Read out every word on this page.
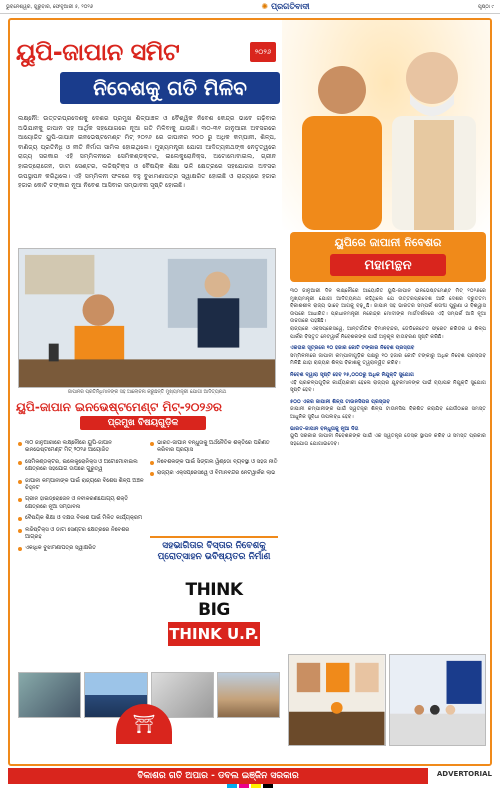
ଭୁବନେଶ୍ୱର, ଗୁରୁବାର, ଫେବୃଆରୀ ୫, ୨୦୨୬	✺ ପ୍ରଗତିବାଦୀ	ପୃଷ୍ଠା ୯
ୟୁପି-ଜାପାନ ସମିଟ	୨୦୨୬
ନିବେଶକୁ ଗତି ମିଳିବ

ଲକ୍ଷ୍ନୌ: ଉତ୍ତରପ୍ରଦେଶକୁ ଦେଶର ପ୍ରମୁଖ ଶିଳ୍ପାଞ୍ଚଳ ଓ ବୈଶ୍ୱିକ ନିବେଶ କେନ୍ଦ୍ର ଭାବେ ଗଢ଼ିବାର ଅଭିଯାନକୁ ଜାପାନ ସହ ଆର୍ଥିକ ସହଯୋଗରେ ନୂଆ ଗତି ମିଳିବାକୁ ଯାଉଛି। ୩୦-୩୧ ଜାନୁଆରୀ ଅବସରରେ ଆୟୋଜିତ ୟୁପି-ଜାପାନ ଇନଭେଷ୍ଟମେଣ୍ଟ ମିଟ୍ ୨୦୨୬ ରେ ଜାପାନର ୨୦୦ ରୁ ଅଧିକ କମ୍ପାନୀ, ଶିଳ୍ପ, ବାଣିଜ୍ୟ ପ୍ରତିନିଧି ଓ ନୀତି ନିର୍ମାତା ସାମିଲ ହୋଇଥିଲେ। ମୁଖ୍ୟମନ୍ତ୍ରୀ ଯୋଗୀ ଆଦିତ୍ୟନାଥଙ୍କ ନେତୃତ୍ୱରେ ରାଜ୍ୟ ସରକାର ଏହି ସମ୍ମିଳନୀରେ ସେମିକଣ୍ଡକ୍ଟର, ଇଲେକ୍ଟ୍ରୋନିକ୍ସ, ଅଟୋମୋବାଇଲ, ଗ୍ରୀନ ହାଇଡ୍ରୋଜେନ, ଡାଟା ସେଣ୍ଟର, ଲଜିଷ୍ଟିକ୍ସ ଓ ବୈଷୟିକ ଶିକ୍ଷା ଭଳି କ୍ଷେତ୍ରରେ ସହଯୋଗର ଅବସର ଉପସ୍ଥାପନ କରିଥିଲେ। ଏହି ସମ୍ମିଳନୀ ଫଳରେ ବହୁ ବୁଝାମଣାପତ୍ର ସ୍ୱାକ୍ଷରିତ ହୋଇଛି ଓ ରାଜ୍ୟରେ ହଜାର ହଜାର କୋଟି ଟଙ୍କାର ନୂଆ ନିବେଶ ଆସିବାର ସମ୍ଭାବନା ସୃଷ୍ଟି ହୋଇଛି।

ଜାପାନର ପ୍ରତିନିଧିମାନଙ୍କ ସହ ଆଲୋଚନା କରୁଛନ୍ତି ମୁଖ୍ୟମନ୍ତ୍ରୀ ଯୋଗୀ ଆଦିତ୍ୟନାଥ
ୟୁପି-ଜାପାନ ଇନଭେଷ୍ଟମେଣ୍ଟ ମିଟ୍-୨୦୨୬ର
ପ୍ରମୁଖ ବିଷୟଗୁଡ଼ିକ
୩୦ ଜାନୁଆରୀରେ ଲକ୍ଷ୍ନୌରେ ୟୁପି-ଜାପାନ ଇନଭେଷ୍ଟମେଣ୍ଟ ମିଟ୍ ୨୦୨୬ ଆୟୋଜିତ
ସେମିକଣ୍ଡକ୍ଟର, ଇଲେକ୍ଟ୍ରୋନିକ୍ସ ଓ ଅଟୋମୋବାଇଲ କ୍ଷେତ୍ରରେ ସହଯୋଗ ଉପରେ ଗୁରୁତ୍ୱ
ଜାପାନୀ କମ୍ପାନୀଙ୍କ ପାଇଁ ରାଜ୍ୟରେ ବିଶେଷ ଶିଳ୍ପ ଅଞ୍ଚଳ ଚିହ୍ନଟ
ଗ୍ରୀନ ହାଇଡ୍ରୋଜେନ ଓ ନବୀକରଣଯୋଗ୍ୟ ଶକ୍ତି କ୍ଷେତ୍ରରେ ନୂଆ ସମ୍ଭାବନା
ବୈଷୟିକ ଶିକ୍ଷା ଓ ଦକ୍ଷତା ବିକାଶ ପାଇଁ ମିଳିତ କାର୍ଯ୍ୟକ୍ରମ
ଲଜିଷ୍ଟିକ୍ସ ଓ ଡାଟା ସେଣ୍ଟର କ୍ଷେତ୍ରରେ ନିବେଶର ଆଗ୍ରହ
ଏକାଧିକ ବୁଝାମଣାପତ୍ର ସ୍ୱାକ୍ଷରିତ
ଭାରତ-ଜାପାନ ବନ୍ଧୁତାକୁ ଅର୍ଥନୈତିକ ଶକ୍ତିରେ ପରିଣତ କରିବାର ପ୍ରୟାସ
ନିବେଶକଙ୍କ ପାଇଁ ସିଙ୍ଗଲ ୱିଣ୍ଡୋ ବ୍ୟବସ୍ଥା ଓ ସହଜ ନୀତି
ରାଜ୍ୟର ଏକ୍ସପ୍ରେସୱେ ଓ ବିମାନବନ୍ଦର ନେଟୱାର୍କର ଲାଭ
ସହଭାଗିତାର ବିସ୍ତାର ନିବେଶକୁ ପ୍ରୋତ୍ସାହନ ଭବିଷ୍ୟତର ନିର୍ମାଣ
THINK BIG
THINK U.P.
⛩
ୟୁପିରେ ଜାପାନୀ ନିବେଶର
ମହାମନ୍ଥନ
୩୦ ଜାନୁଆରୀ ଦିନ ଲକ୍ଷ୍ନୌରେ ଆୟୋଜିତ ୟୁପି-ଜାପାନ ଇନଭେଷ୍ଟମେଣ୍ଟ ମିଟ୍ ୨୦୨୬ରେ ମୁଖ୍ୟମନ୍ତ୍ରୀ ଯୋଗୀ ଆଦିତ୍ୟନାଥ କହିଥିଲେ ଯେ ଉତ୍ତରପ୍ରଦେଶ ଆଜି ଦେଶର ଦ୍ରୁତତମ ବିକାଶଶୀଳ ରାଜ୍ୟ ଭାବେ ଆଗକୁ ବଢ଼ୁଛି। ଜାପାନ ସହ ଭାରତର ସମ୍ପର୍କ ଶତାବ୍ଦୀ ପୁରୁଣା ଓ ବିଶ୍ୱାସ ଉପରେ ଆଧାରିତ। ପ୍ରଧାନମନ୍ତ୍ରୀ ନରେନ୍ଦ୍ର ମୋଦୀଙ୍କ ମାର୍ଗଦର୍ଶନରେ ଏହି ସମ୍ପର୍କ ଆଜି ନୂଆ ଉଚ୍ଚତାରେ ପହଞ୍ଚିଛି।
ରାଜ୍ୟରେ ଏକ୍ସପ୍ରେସୱେ, ଆନ୍ତର୍ଜାତିକ ବିମାନବନ୍ଦର, ଡେଡିକେଟେଡ ଫ୍ରେଟ କରିଡର ଓ ଶିଳ୍ପ ପାର୍କର ବିସ୍ତୃତ ନେଟୱାର୍କ ନିବେଶକଙ୍କ ପାଇଁ ଅନୁକୂଳ ବାତାବରଣ ସୃଷ୍ଟି କରିଛି।
ଏକତାର ସୂତ୍ରରେ ୧୦ ହଜାର କୋଟି ଟଙ୍କାର ନିବେଶ ପ୍ରସ୍ତାବ
ସମ୍ମିଳନୀରେ ଜାପାନୀ କମ୍ପାନୀଗୁଡ଼ିକ ପକ୍ଷରୁ ୧୦ ହଜାର କୋଟି ଟଙ୍କାରୁ ଅଧିକ ନିବେଶ ପ୍ରସ୍ତାବ ମିଳିଛି ଯାହା ରାଜ୍ୟର ଶିଳ୍ପ ବିକାଶକୁ ତ୍ୱରାନ୍ୱିତ କରିବ।
ନିବେଶ ଦ୍ୱାରା ସୃଷ୍ଟି ହେବ ୨୫,୦୦୦ରୁ ଅଧିକ ନିଯୁକ୍ତି ସୁଯୋଗ
ଏହି ପ୍ରକଳ୍ପଗୁଡ଼ିକ କାର୍ଯ୍ୟକାରୀ ହେଲେ ରାଜ୍ୟର ଯୁବକମାନଙ୍କ ପାଇଁ ବ୍ୟାପକ ନିଯୁକ୍ତି ସୁଯୋଗ ସୃଷ୍ଟି ହେବ।
୫୦୦ ଏକର ଜାପାନୀ ଶିଳ୍ପ ଟାଉନସିପର ପ୍ରସ୍ତାବ
ଜାପାନୀ କମ୍ପାନୀଙ୍କ ପାଇଁ ସ୍ୱତନ୍ତ୍ର ଶିଳ୍ପ ଟାଉନସିପ ବିକଶିତ କରାଯିବ ଯେଉଁଠାରେ ସମସ୍ତ ଆଧୁନିକ ସୁବିଧା ଉପଲବ୍ଧ ହେବ।
ଭାରତ-ଜାପାନ ବନ୍ଧୁତାକୁ ନୂଆ ଦିଗ
ୟୁପି ସରକାର ଜାପାନୀ ନିବେଶକଙ୍କ ପାଇଁ ଏକ ସ୍ୱତନ୍ତ୍ର ଡେସ୍କ ସ୍ଥାପନ କରିବ ଓ ସମସ୍ତ ପ୍ରକାର ସହଯୋଗ ଯୋଗାଇଦେବ।
ବିକାଶର ଗତି ଅପାର - ଡବଲ ଇଞ୍ଜିନ ସରକାର	ADVERTORIAL
